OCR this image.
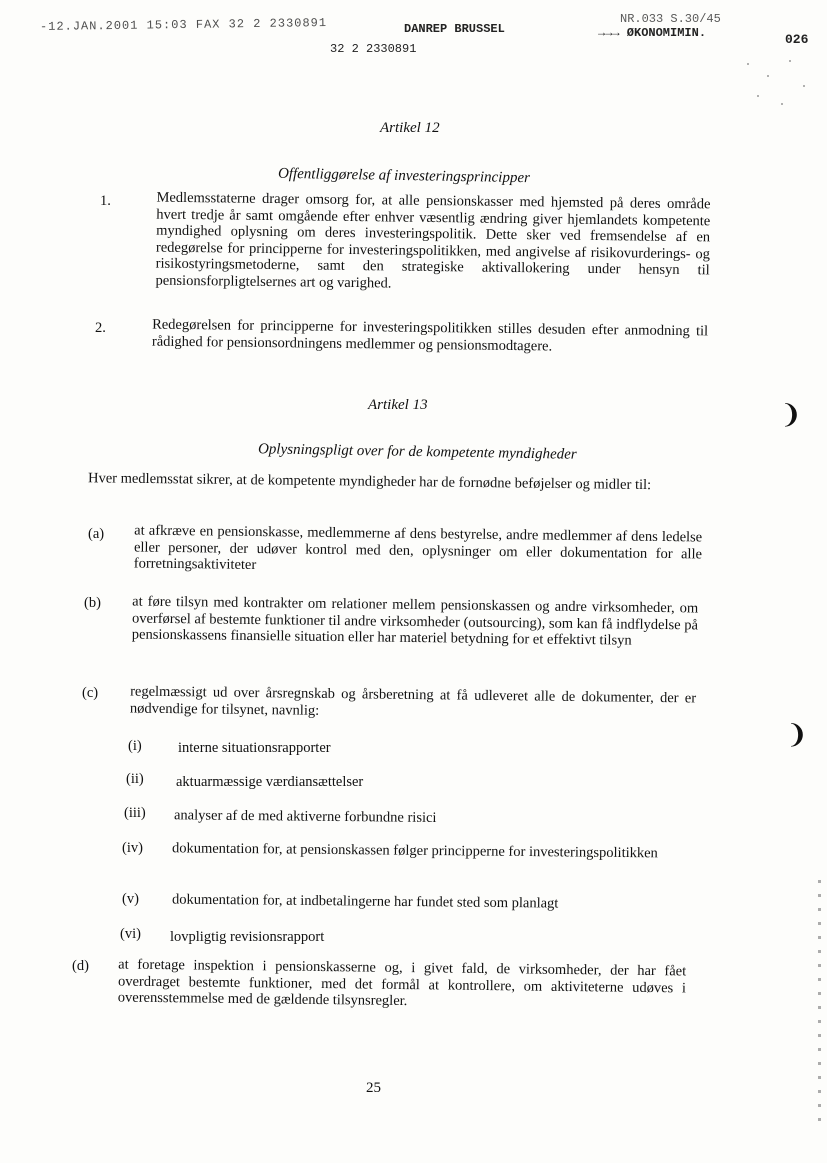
-12.JAN.2001 15:03 FAX 32 2 2330891	DANREP BRUSSEL
NR.033 S.30/45
→→→ ØKONOMIMIN.	026
32 2 2330891
Artikel 12
Offentliggørelse af investeringsprincipper
1.	Medlemsstaterne drager omsorg for, at alle pensionskasser med hjemsted på deres område hvert tredje år samt omgående efter enhver væsentlig ændring giver hjemlandets kompetente myndighed oplysning om deres investeringspolitik. Dette sker ved fremsendelse af en redegørelse for principperne for investeringspolitikken, med angivelse af risikovurderings- og risikostyringsmetoderne, samt den strategiske aktivallokering under hensyn til pensionsforpligtelsernes art og varighed.
2.	Redegørelsen for principperne for investeringspolitikken stilles desuden efter anmodning til rådighed for pensionsordningens medlemmer og pensionsmodtagere.
Artikel 13
Oplysningspligt over for de kompetente myndigheder
Hver medlemsstat sikrer, at de kompetente myndigheder har de fornødne beføjelser og midler til:
(a) at afkræve en pensionskasse, medlemmerne af dens bestyrelse, andre medlemmer af dens ledelse eller personer, der udøver kontrol med den, oplysninger om eller dokumentation for alle forretningsaktiviteter
(b) at føre tilsyn med kontrakter om relationer mellem pensionskassen og andre virksomheder, om overførsel af bestemte funktioner til andre virksomheder (outsourcing), som kan få indflydelse på pensionskassens finansielle situation eller har materiel betydning for et effektivt tilsyn
(c) regelmæssigt ud over årsregnskab og årsberetning at få udleveret alle de dokumenter, der er nødvendige for tilsynet, navnlig:
(i)	interne situationsrapporter
(ii) aktuarmæssige værdiansættelser
(iii) analyser af de med aktiverne forbundne risici
(iv) dokumentation for, at pensionskassen følger principperne for investeringspolitikken
(v) dokumentation for, at indbetalingerne har fundet sted som planlagt
(vi) lovpligtig revisionsrapport
(d) at foretage inspektion i pensionskasserne og, i givet fald, de virksomheder, der har fået overdraget bestemte funktioner, med det formål at kontrollere, om aktiviteterne udøves i overensstemmelse med de gældende tilsynsregler.
25
❩
❩
